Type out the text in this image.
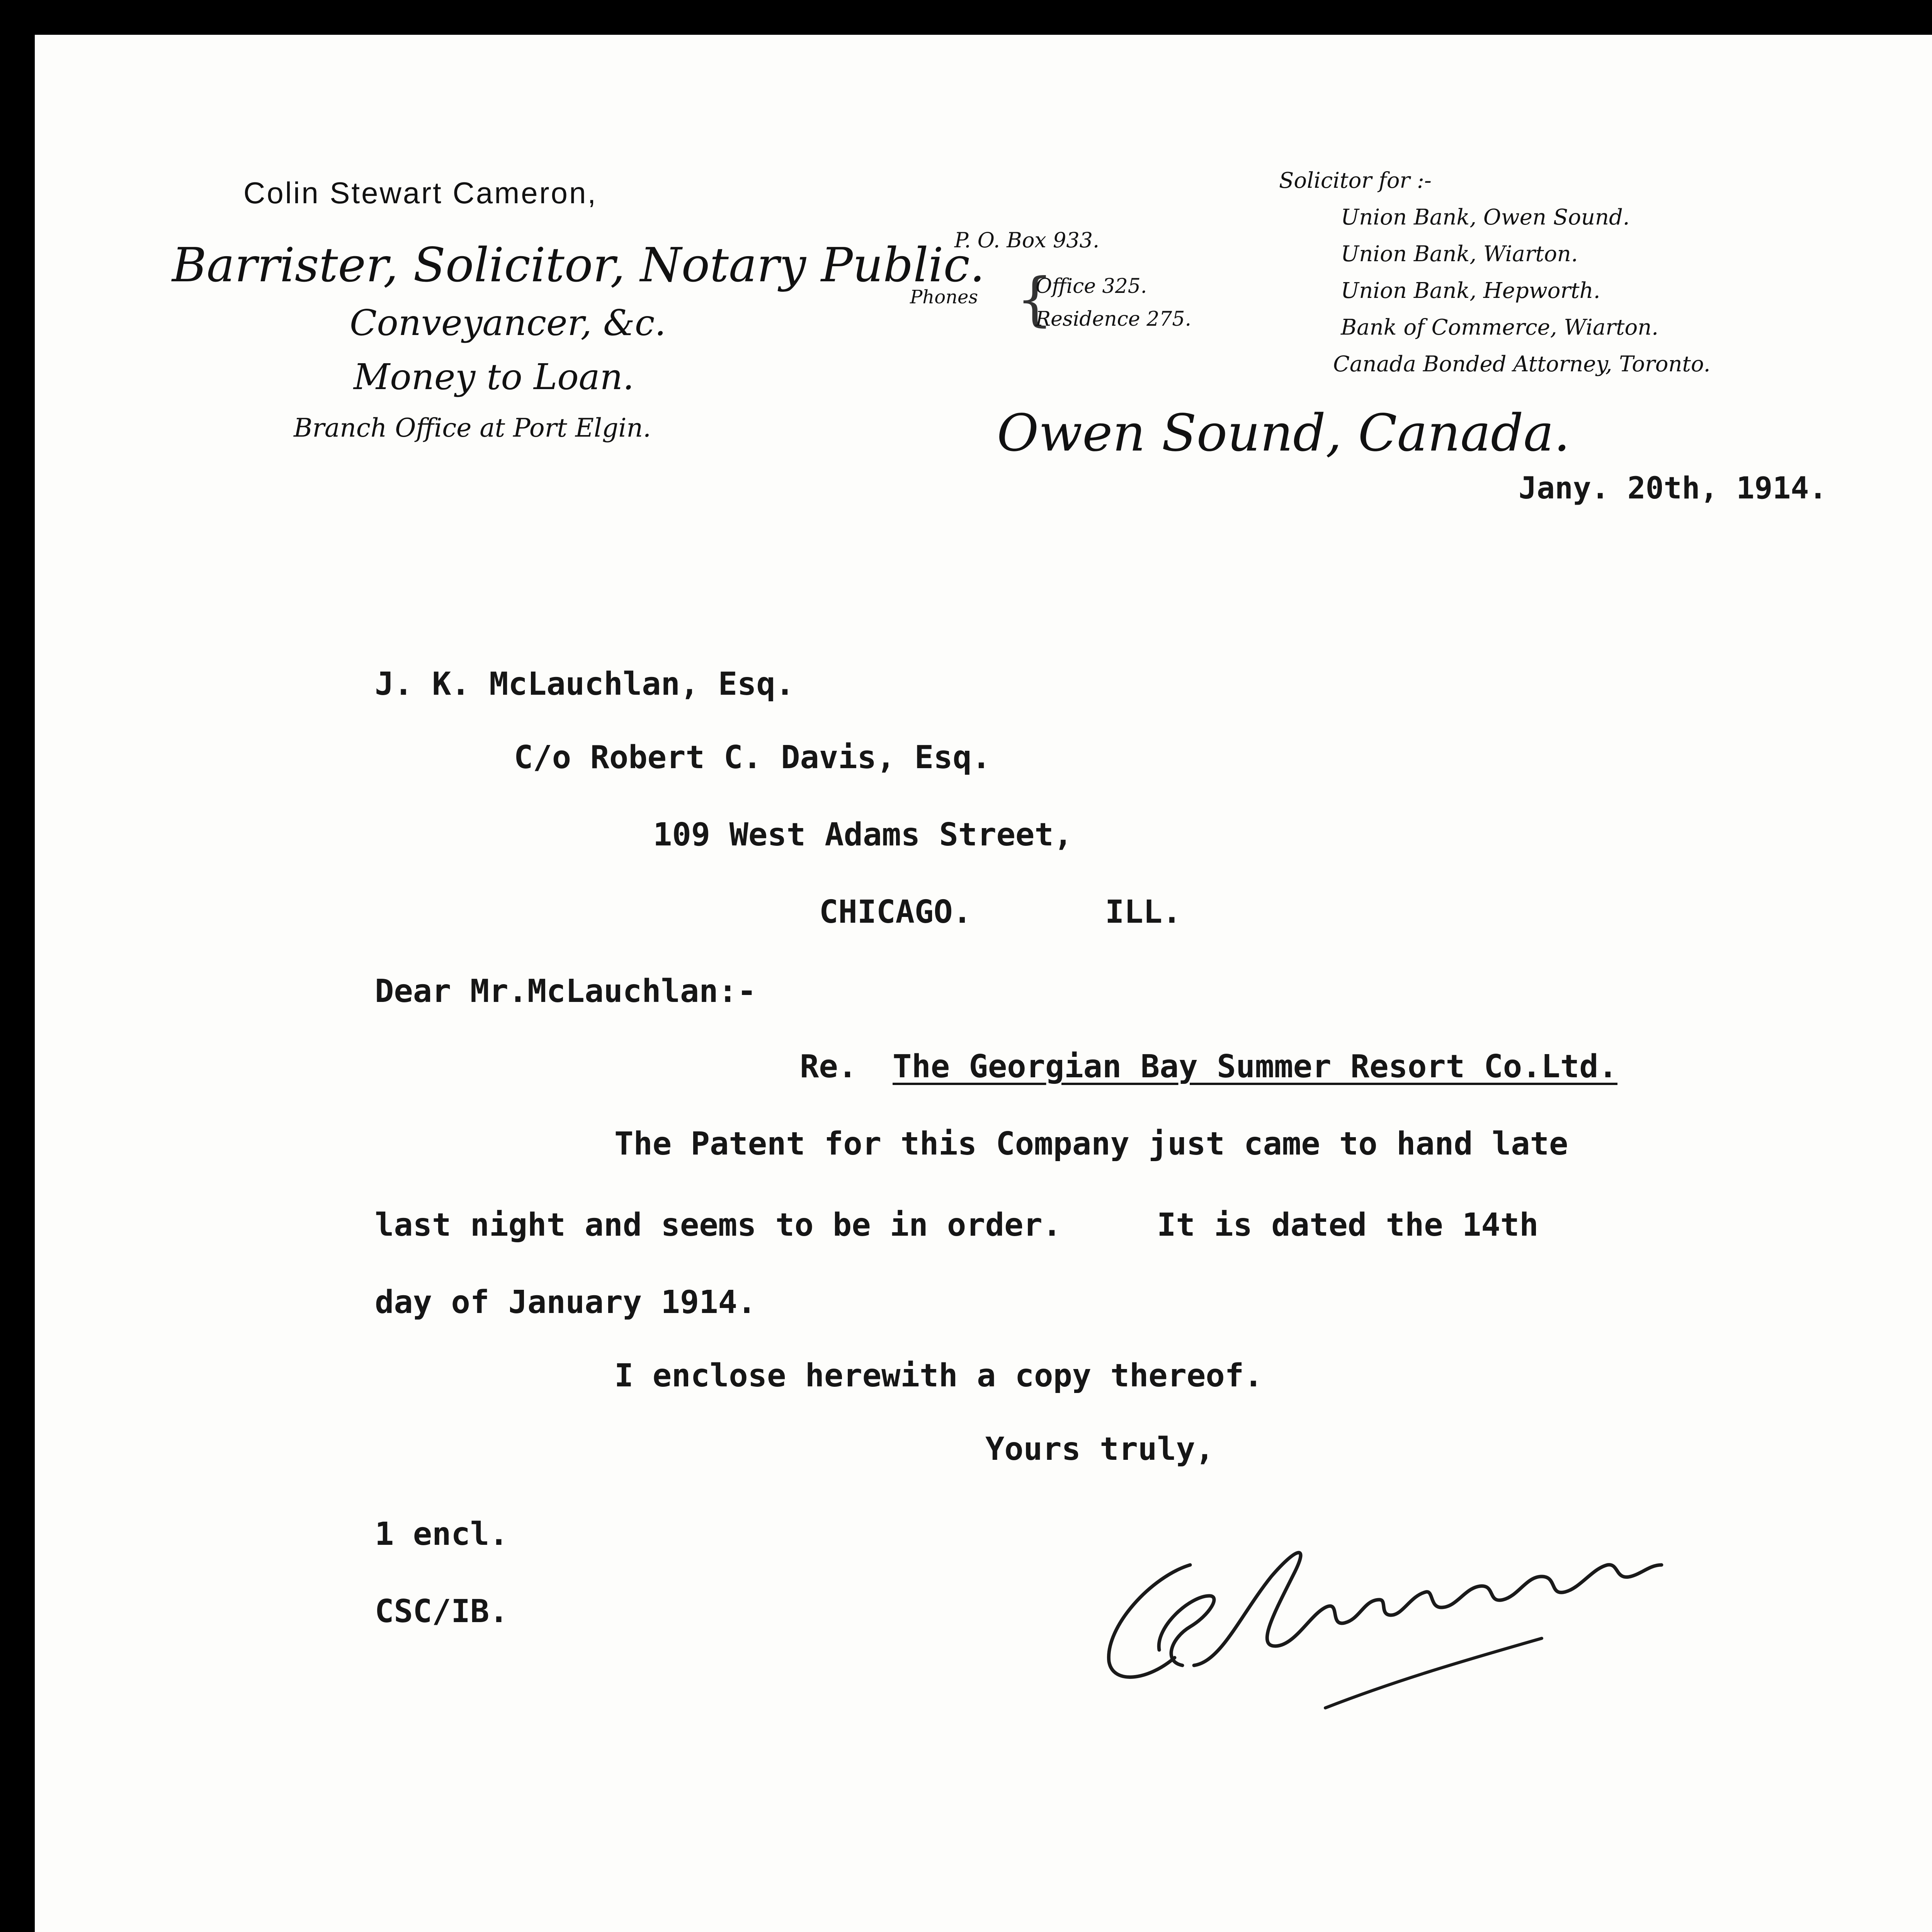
Colin Stewart Cameron,
Barrister, Solicitor, Notary Public.
Conveyancer, &c.
Money to Loan.
Branch Office at Port Elgin.
P. O. Box 933.
Phones {
Office 325.
Residence 275.
Owen Sound, Canada.
Solicitor for :-
Union Bank, Owen Sound.
Union Bank, Wiarton.
Union Bank, Hepworth.
Bank of Commerce, Wiarton.
Canada Bonded Attorney, Toronto.
Jany. 20th, 1914.
J. K. McLauchlan, Esq.
C/o Robert C. Davis, Esq.
109 West Adams Street,
CHICAGO.	ILL.
Dear Mr.McLauchlan:-
Re. The Georgian Bay Summer Resort Co.Ltd.
The Patent for this Company just came to hand late
last night and seems to be in order.     It is dated the 14th
day of January 1914.
I enclose herewith a copy thereof.
Yours truly,
1 encl.
CSC/IB.
